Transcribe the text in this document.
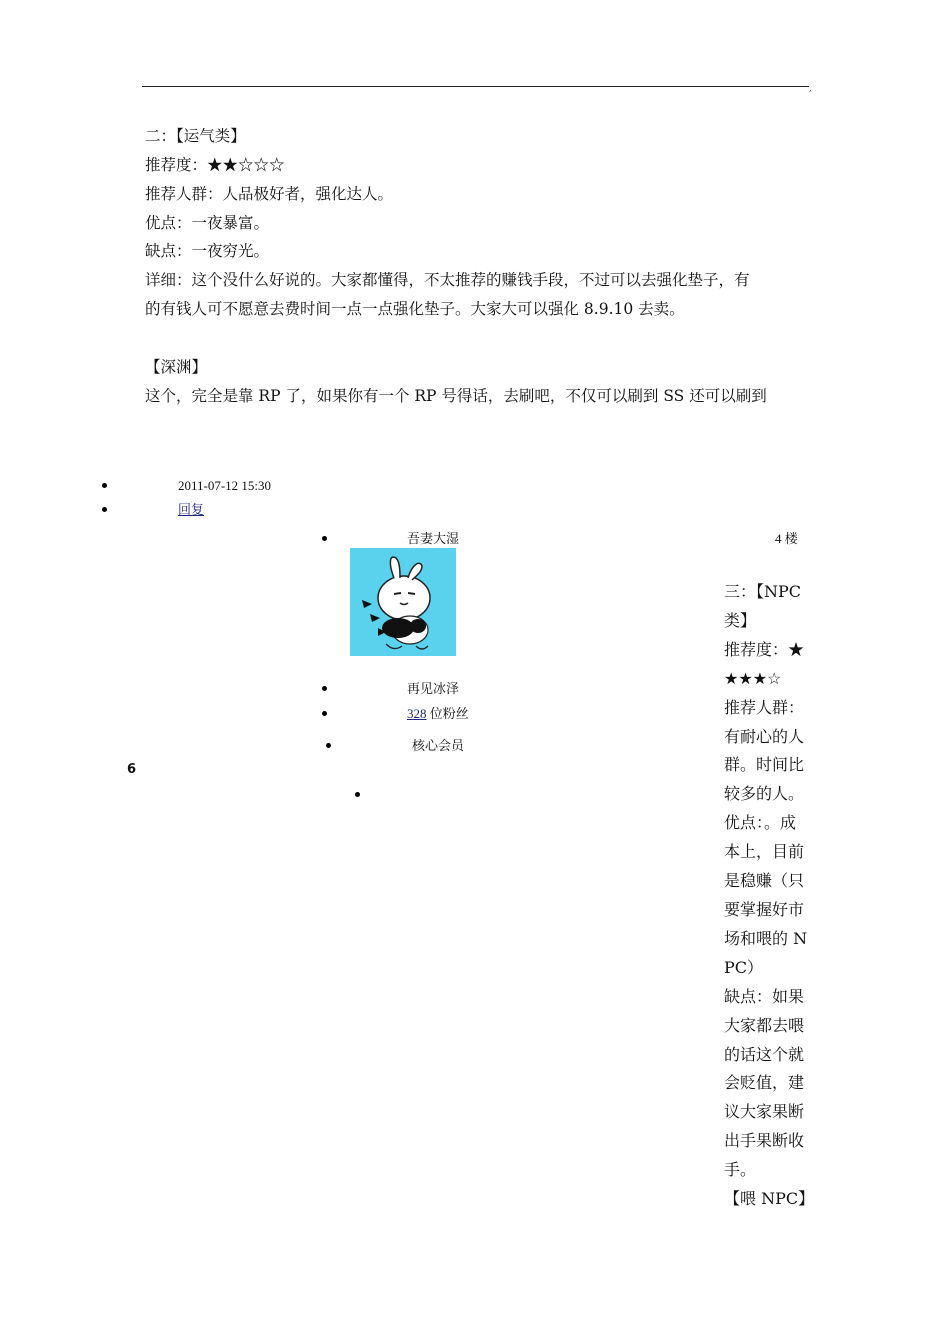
,
二：【运气类】
推荐度：★★☆☆☆
推荐人群：人品极好者，强化达人。
优点：一夜暴富。
缺点：一夜穷光。
详细：这个没什么好说的。大家都懂得，不太推荐的赚钱手段，不过可以去强化垫子，有
的有钱人可不愿意去费时间一点一点强化垫子。大家大可以强化 8.9.10 去卖。
【深渊】
这个，完全是靠 RP 了，如果你有一个 RP 号得话，去刷吧，不仅可以刷到 SS 还可以刷到
2011-07-12 15:30
回复
吾妻大湿	4 楼
再见冰泽
328 位粉丝
核心会员
6
三：【NPC
类】
推荐度：★
★★★☆
推荐人群：
有耐心的人
群。时间比
较多的人。
优点：。成
本上，目前
是稳赚（只
要掌握好市
场和喂的 N
PC）
缺点：如果
大家都去喂
的话这个就
会贬值，建
议大家果断
出手果断收
手。
【喂 NPC】
